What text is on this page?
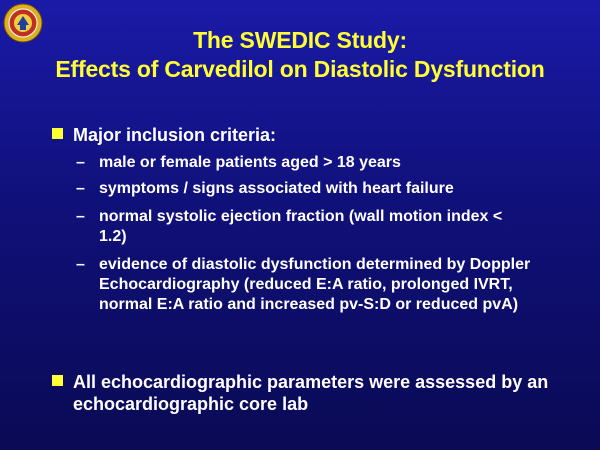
The SWEDIC Study:
Effects of Carvedilol on Diastolic Dysfunction
Major inclusion criteria:
– male or female patients aged > 18 years
– symptoms / signs associated with heart failure
– normal systolic ejection fraction (wall motion index < 1.2)
– evidence of diastolic dysfunction determined by Doppler Echocardiography (reduced E:A ratio, prolonged IVRT, normal E:A ratio and increased pv-S:D or reduced pvA)
All echocardiographic parameters were assessed by an echocardiographic core lab
